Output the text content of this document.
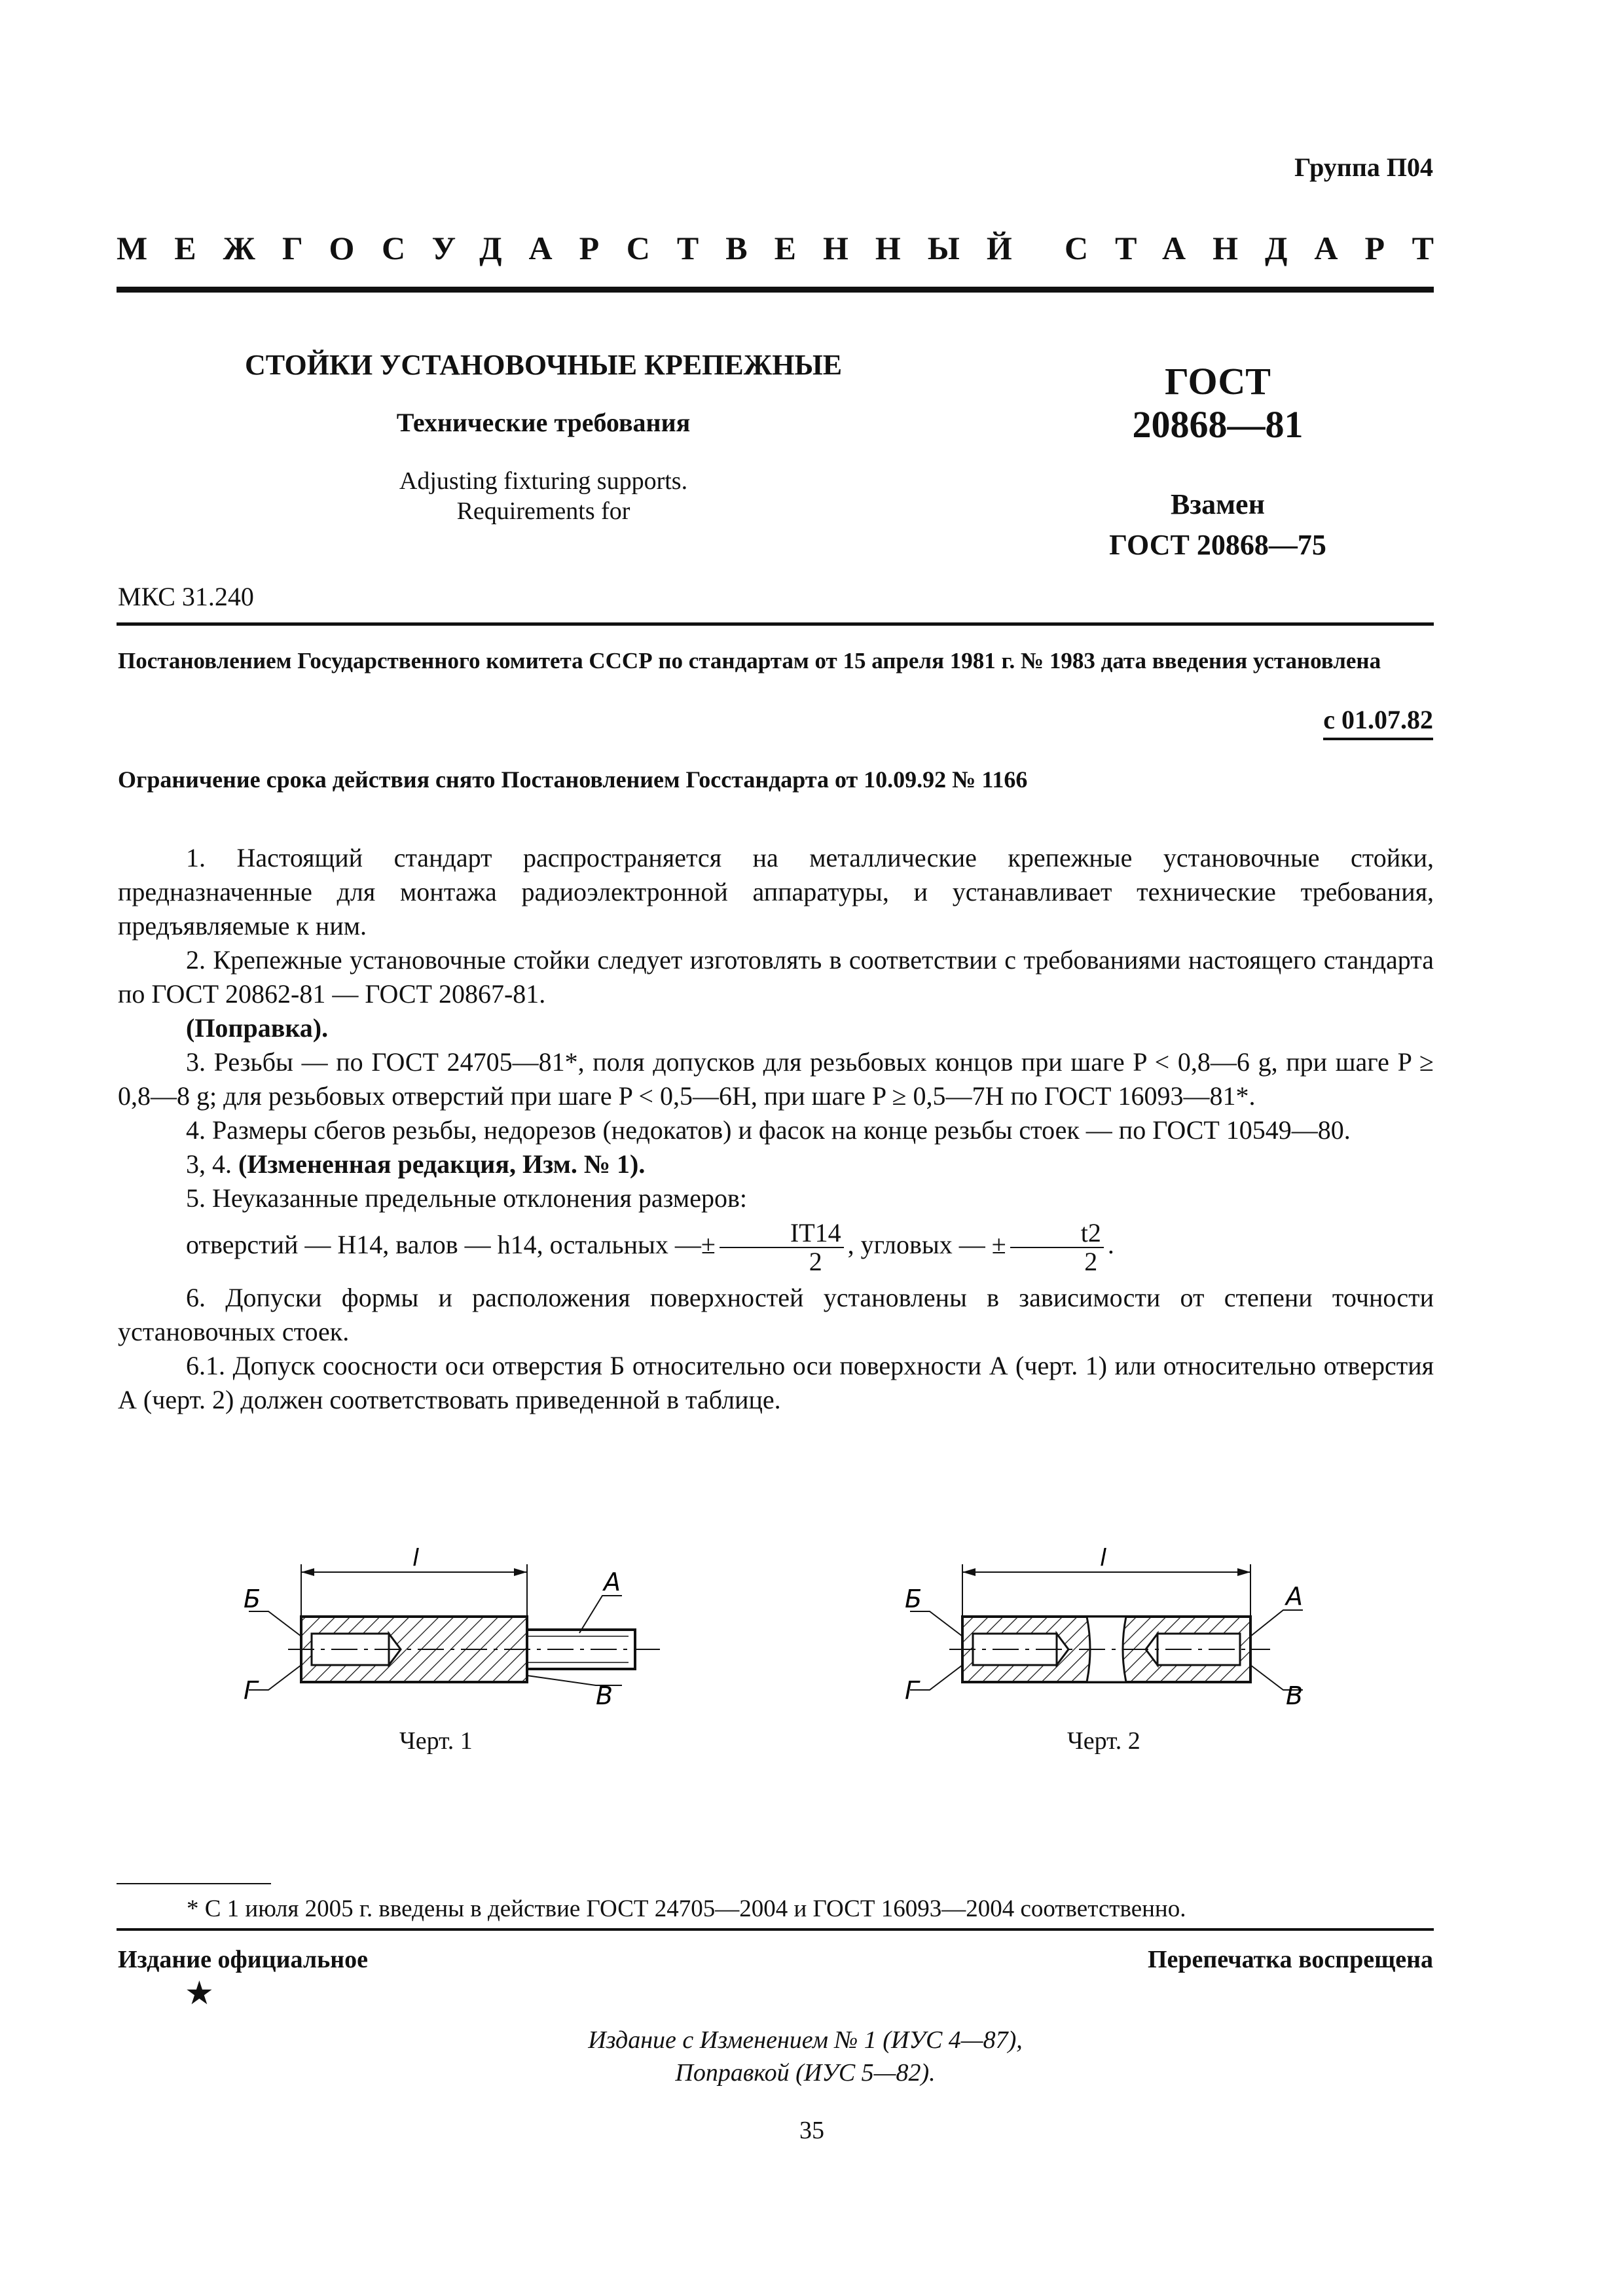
Группа П04
МЕЖГОСУДАРСТВЕННЫЙ СТАНДАРТ
СТОЙКИ УСТАНОВОЧНЫЕ КРЕПЕЖНЫЕ
Технические требования
Adjusting fixturing supports.
Requirements for
ГОСТ
20868—81
Взамен
ГОСТ 20868—75
МКС 31.240
Постановлением Государственного комитета СССР по стандартам от 15 апреля 1981 г. № 1983 дата введения установлена
с 01.07.82
Ограничение срока действия снято Постановлением Госстандарта от 10.09.92 № 1166

1. Настоящий стандарт распространяется на металлические крепежные установочные стойки, предназначенные для монтажа радиоэлектронной аппаратуры, и устанавливает технические требования, предъявляемые к ним.

2. Крепежные установочные стойки следует изготовлять в соответствии с требованиями настоящего стандарта по ГОСТ 20862-81 — ГОСТ 20867-81.

(Поправка).

3. Резьбы — по ГОСТ 24705—81*, поля допусков для резьбовых концов при шаге P < 0,8—6 g, при шаге P ≥ 0,8—8 g; для резьбовых отверстий при шаге P < 0,5—6H, при шаге P ≥ 0,5—7H по ГОСТ 16093—81*.

4. Размеры сбегов резьбы, недорезов (недокатов) и фасок на конце резьбы стоек — по ГОСТ 10549—80.

3, 4. (Измененная редакция, Изм. № 1).

5. Неуказанные предельные отклонения размеров:

отверстий — H14, валов — h14, остальных —± $\frac{IT14}{2}$ , угловых — ± $\frac{t2}{2}$ .

6. Допуски формы и расположения поверхностей установлены в зависимости от степени точности установочных стоек.

6.1. Допуск соосности оси отверстия Б относительно оси поверхности А (черт. 1) или относительно отверстия А (черт. 2) должен соответствовать приведенной в таблице.

l
Б
Г
А
В
Черт. 1
l
Б
Г
А
В
Черт. 2
* С 1 июля 2005 г. введены в действие ГОСТ 24705—2004 и ГОСТ 16093—2004 соответственно.
Издание официальное
★
Перепечатка воспрещена
Издание с Изменением № 1 (ИУС 4—87),
Поправкой (ИУС 5—82).
35
